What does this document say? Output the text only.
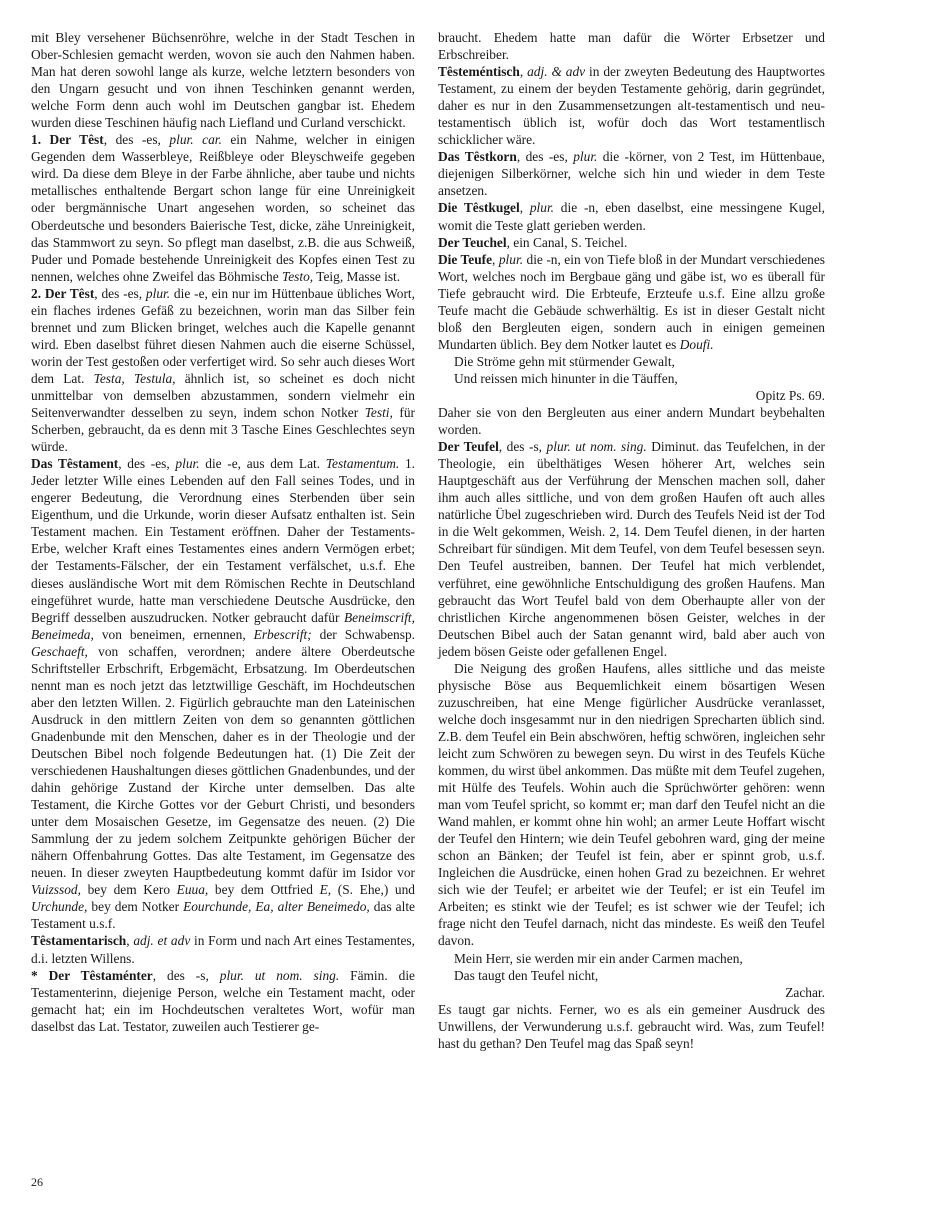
mit Bley versehener Büchsenröhre, welche in der Stadt Teschen in Ober-Schlesien gemacht werden, wovon sie auch den Nahmen haben. Man hat deren sowohl lange als kurze, welche letztern besonders von den Ungarn gesucht und von ihnen Teschinken genannt werden, welche Form denn auch wohl im Deutschen gangbar ist. Ehedem wurden diese Teschinen häufig nach Liefland und Curland verschickt.

1. Der Têst, des -es, plur. car. ein Nahme, welcher in einigen Gegenden dem Wasserbleye, Reißbleye oder Bleyschweife gegeben wird. Da diese dem Bleye in der Farbe ähnliche, aber taube und nichts metallisches enthaltende Bergart schon lange für eine Unreinigkeit oder bergmännische Unart angesehen worden, so scheinet das Oberdeutsche und besonders Baierische Test, dicke, zähe Unreinigkeit, das Stammwort zu seyn. So pflegt man daselbst, z.B. die aus Schweiß, Puder und Pomade bestehende Unreinigkeit des Kopfes einen Test zu nennen, welches ohne Zweifel das Böhmische Testo, Teig, Masse ist.

2. Der Têst, des -es, plur. die -e, ein nur im Hüttenbaue übliches Wort, ein flaches irdenes Gefäß zu bezeichnen, worin man das Silber fein brennet und zum Blicken bringet, welches auch die Kapelle genannt wird. Eben daselbst führet diesen Nahmen auch die eiserne Schüssel, worin der Test gestoßen oder verfertiget wird. So sehr auch dieses Wort dem Lat. Testa, Testula, ähnlich ist, so scheinet es doch nicht unmittelbar von demselben abzustammen, sondern vielmehr ein Seitenverwandter desselben zu seyn, indem schon Notker Testi, für Scherben, gebraucht, da es denn mit 3 Tasche Eines Geschlechtes seyn würde.

Das Têstament, des -es, plur. die -e, aus dem Lat. Testamentum. 1. Jeder letzter Wille eines Lebenden auf den Fall seines Todes, und in engerer Bedeutung, die Verordnung eines Sterbenden über sein Eigenthum, und die Urkunde, worin dieser Aufsatz enthalten ist. Sein Testament machen. Ein Testament eröffnen. Daher der Testaments-Erbe, welcher Kraft eines Testamentes eines andern Vermögen erbet; der Testaments-Fälscher, der ein Testament verfälschet, u.s.f. Ehe dieses ausländische Wort mit dem Römischen Rechte in Deutschland eingeführet wurde, hatte man verschiedene Deutsche Ausdrücke, den Begriff desselben auszudrucken. Notker gebraucht dafür Beneimscrift, Beneimeda, von beneimen, ernennen, Erbescrift; der Schwabensp. Geschaeft, von schaffen, verordnen; andere ältere Oberdeutsche Schriftsteller Erbschrift, Erbgemächt, Erbsatzung. Im Oberdeutschen nennt man es noch jetzt das letztwillige Geschäft, im Hochdeutschen aber den letzten Willen. 2. Figürlich gebrauchte man den Lateinischen Ausdruck in den mittlern Zeiten von dem so genannten göttlichen Gnadenbunde mit den Menschen, daher es in der Theologie und der Deutschen Bibel noch folgende Bedeutungen hat. (1) Die Zeit der verschiedenen Haushaltungen dieses göttlichen Gnadenbundes, und der dahin gehörige Zustand der Kirche unter demselben. Das alte Testament, die Kirche Gottes vor der Geburt Christi, und besonders unter dem Mosaischen Gesetze, im Gegensatze des neuen. (2) Die Sammlung der zu jedem solchem Zeitpunkte gehörigen Bücher der nähern Offenbahrung Gottes. Das alte Testament, im Gegensatze des neuen. In dieser zweyten Hauptbedeutung kommt dafür im Isidor vor Vuizssod, bey dem Kero Euua, bey dem Ottfried E, (S. Ehe,) und Urchunde, bey dem Notker Eourchunde, Ea, alter Beneimedo, das alte Testament u.s.f.

Têstamentarisch, adj. et adv in Form und nach Art eines Testamentes, d.i. letzten Willens.

* Der Têstaménter, des -s, plur. ut nom. sing. Fämin. die Testamenterinn, diejenige Person, welche ein Testament macht, oder gemacht hat; ein im Hochdeutschen veraltetes Wort, wofür man daselbst das Lat. Testator, zuweilen auch Testierer ge-

braucht. Ehedem hatte man dafür die Wörter Erbsetzer und Erbschreiber.

Têsteméntisch, adj. & adv in der zweyten Bedeutung des Hauptwortes Testament, zu einem der beyden Testamente gehörig, darin gegründet, daher es nur in den Zusammensetzungen alt-testamentisch und neu-testamentisch üblich ist, wofür doch das Wort testamentlisch schicklicher wäre.

Das Têstkorn, des -es, plur. die -körner, von 2 Test, im Hüttenbaue, diejenigen Silberkörner, welche sich hin und wieder in dem Teste ansetzen.

Die Têstkugel, plur. die -n, eben daselbst, eine messingene Kugel, womit die Teste glatt gerieben werden.

Der Teuchel, ein Canal, S. Teichel.

Die Teufe, plur. die -n, ein von Tiefe bloß in der Mundart verschiedenes Wort, welches noch im Bergbaue gäng und gäbe ist, wo es überall für Tiefe gebraucht wird. Die Erbteufe, Erzteufe u.s.f. Eine allzu große Teufe macht die Gebäude schwerhältig. Es ist in dieser Gestalt nicht bloß den Bergleuten eigen, sondern auch in einigen gemeinen Mundarten üblich. Bey dem Notker lautet es Doufi.

Die Ströme gehn mit stürmender Gewalt,

Und reissen mich hinunter in die Täuffen,

Opitz Ps. 69.

Daher sie von den Bergleuten aus einer andern Mundart beybehalten worden.

Der Teufel, des -s, plur. ut nom. sing. Diminut. das Teufelchen, in der Theologie, ein übelthätiges Wesen höherer Art, welches sein Hauptgeschäft aus der Verführung der Menschen machen soll, daher ihm auch alles sittliche, und von dem großen Haufen oft auch alles natürliche Übel zugeschrieben wird. Durch des Teufels Neid ist der Tod in die Welt gekommen, Weish. 2, 14. Dem Teufel dienen, in der harten Schreibart für sündigen. Mit dem Teufel, von dem Teufel besessen seyn. Den Teufel austreiben, bannen. Der Teufel hat mich verblendet, verführet, eine gewöhnliche Entschuldigung des großen Haufens. Man gebraucht das Wort Teufel bald von dem Oberhaupte aller von der christlichen Kirche angenommenen bösen Geister, welches in der Deutschen Bibel auch der Satan genannt wird, bald aber auch von jedem bösen Geiste oder gefallenen Engel.

Die Neigung des großen Haufens, alles sittliche und das meiste physische Böse aus Bequemlichkeit einem bösartigen Wesen zuzuschreiben, hat eine Menge figürlicher Ausdrücke veranlasset, welche doch insgesammt nur in den niedrigen Sprecharten üblich sind. Z.B. dem Teufel ein Bein abschwören, heftig schwören, ingleichen sehr leicht zum Schwören zu bewegen seyn. Du wirst in des Teufels Küche kommen, du wirst übel ankommen. Das müßte mit dem Teufel zugehen, mit Hülfe des Teufels. Wohin auch die Sprüchwörter gehören: wenn man vom Teufel spricht, so kommt er; man darf den Teufel nicht an die Wand mahlen, er kommt ohne hin wohl; an armer Leute Hoffart wischt der Teufel den Hintern; wie dein Teufel gebohren ward, ging der meine schon an Bänken; der Teufel ist fein, aber er spinnt grob, u.s.f. Ingleichen die Ausdrücke, einen hohen Grad zu bezeichnen. Er wehret sich wie der Teufel; er arbeitet wie der Teufel; er ist ein Teufel im Arbeiten; es stinkt wie der Teufel; es ist schwer wie der Teufel; ich frage nicht den Teufel darnach, nicht das mindeste. Es weiß den Teufel davon.

Mein Herr, sie werden mir ein ander Carmen machen,

Das taugt den Teufel nicht,

Zachar.

Es taugt gar nichts. Ferner, wo es als ein gemeiner Ausdruck des Unwillens, der Verwunderung u.s.f. gebraucht wird. Was, zum Teufel! hast du gethan? Den Teufel mag das Spaß seyn!

26
